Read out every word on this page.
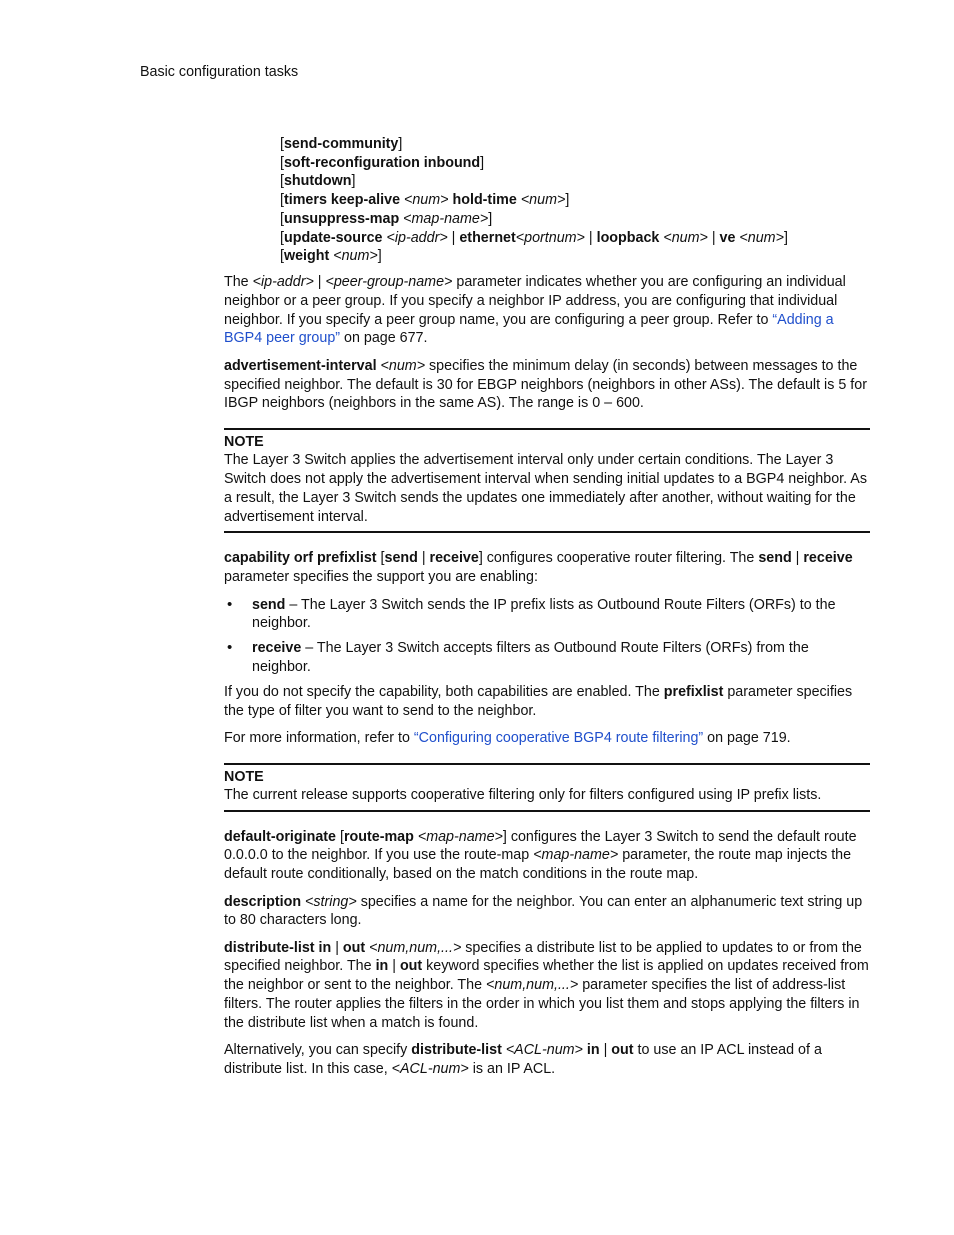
Basic configuration tasks
[send-community]
[soft-reconfiguration inbound]
[shutdown]
[timers keep-alive <num> hold-time <num>]
[unsuppress-map <map-name>]
[update-source <ip-addr> | ethernet<portnum> | loopback <num> | ve <num>]
[weight <num>]

The <ip-addr> | <peer-group-name> parameter indicates whether you are configuring an individual neighbor or a peer group. If you specify a neighbor IP address, you are configuring that individual neighbor. If you specify a peer group name, you are configuring a peer group. Refer to “Adding a BGP4 peer group” on page 677.

advertisement-interval <num> specifies the minimum delay (in seconds) between messages to the specified neighbor. The default is 30 for EBGP neighbors (neighbors in other ASs). The default is 5 for IBGP neighbors (neighbors in the same AS). The range is 0 – 600.

NOTE

The Layer 3 Switch applies the advertisement interval only under certain conditions. The Layer 3 Switch does not apply the advertisement interval when sending initial updates to a BGP4 neighbor. As a result, the Layer 3 Switch sends the updates one immediately after another, without waiting for the advertisement interval.

capability orf prefixlist [send | receive] configures cooperative router filtering. The send | receive parameter specifies the support you are enabling:

• send – The Layer 3 Switch sends the IP prefix lists as Outbound Route Filters (ORFs) to the neighbor.
• receive – The Layer 3 Switch accepts filters as Outbound Route Filters (ORFs) from the neighbor.

If you do not specify the capability, both capabilities are enabled. The prefixlist parameter specifies the type of filter you want to send to the neighbor.

For more information, refer to “Configuring cooperative BGP4 route filtering” on page 719.

NOTE

The current release supports cooperative filtering only for filters configured using IP prefix lists.

default-originate [route-map <map-name>] configures the Layer 3 Switch to send the default route 0.0.0.0 to the neighbor. If you use the route-map <map-name> parameter, the route map injects the default route conditionally, based on the match conditions in the route map.

description <string> specifies a name for the neighbor. You can enter an alphanumeric text string up to 80 characters long.

distribute-list in | out <num,num,...> specifies a distribute list to be applied to updates to or from the specified neighbor. The in | out keyword specifies whether the list is applied on updates received from the neighbor or sent to the neighbor. The <num,num,...> parameter specifies the list of address-list filters. The router applies the filters in the order in which you list them and stops applying the filters in the distribute list when a match is found.

Alternatively, you can specify distribute-list <ACL-num> in | out to use an IP ACL instead of a distribute list. In this case, <ACL-num> is an IP ACL.
